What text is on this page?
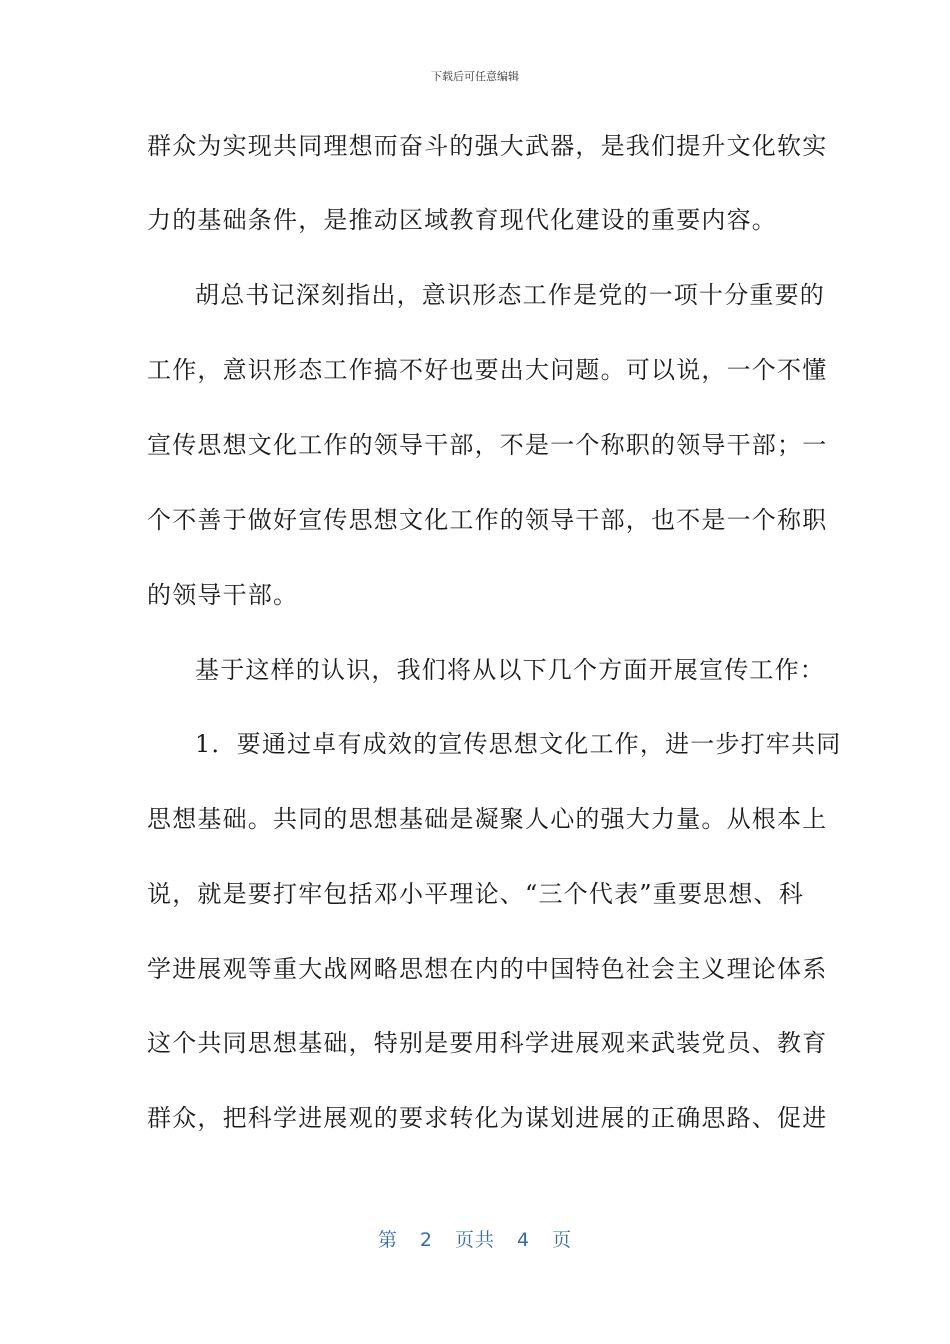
下载后可任意编辑
群众为实现共同理想而奋斗的强大武器，是我们提升文化软实
力的基础条件，是推动区域教育现代化建设的重要内容。
胡总书记深刻指出，意识形态工作是党的一项十分重要的
工作，意识形态工作搞不好也要出大问题。可以说，一个不懂
宣传思想文化工作的领导干部，不是一个称职的领导干部；一
个不善于做好宣传思想文化工作的领导干部，也不是一个称职
的领导干部。
基于这样的认识，我们将从以下几个方面开展宣传工作：
1．要通过卓有成效的宣传思想文化工作，进一步打牢共同
思想基础。共同的思想基础是凝聚人心的强大力量。从根本上
说，就是要打牢包括邓小平理论、“三个代表”重要思想、科
学进展观等重大战网略思想在内的中国特色社会主义理论体系
这个共同思想基础，特别是要用科学进展观来武装党员、教育
群众，把科学进展观的要求转化为谋划进展的正确思路、促进
第 2 页共 4 页
